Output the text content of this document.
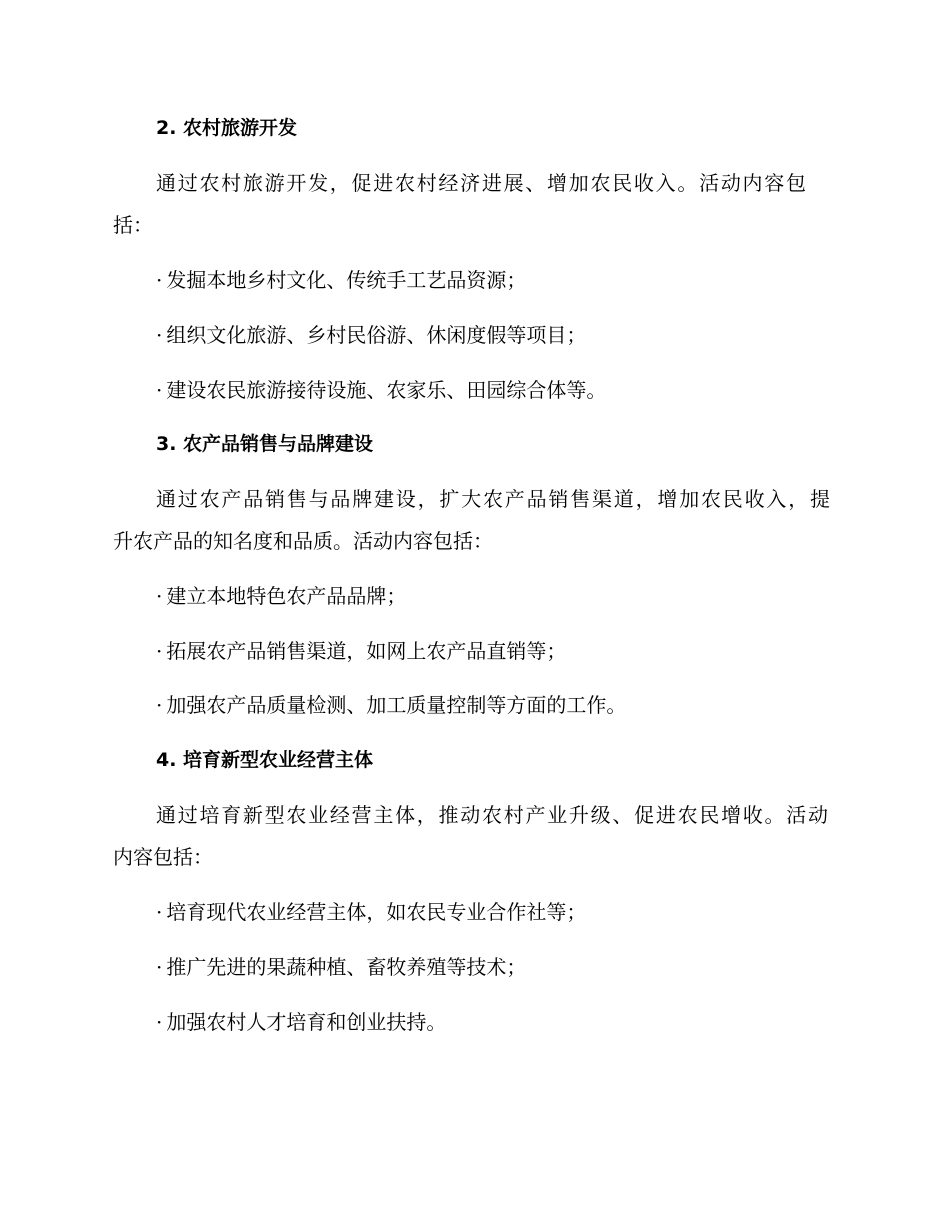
2. 农村旅游开发
通过农村旅游开发，促进农村经济进展、增加农民收入。活动内容包
括：
· 发掘本地乡村文化、传统手工艺品资源；
· 组织文化旅游、乡村民俗游、休闲度假等项目；
· 建设农民旅游接待设施、农家乐、田园综合体等。
3. 农产品销售与品牌建设
通过农产品销售与品牌建设，扩大农产品销售渠道，增加农民收入，提
升农产品的知名度和品质。活动内容包括：
· 建立本地特色农产品品牌；
· 拓展农产品销售渠道，如网上农产品直销等；
· 加强农产品质量检测、加工质量控制等方面的工作。
4. 培育新型农业经营主体
通过培育新型农业经营主体，推动农村产业升级、促进农民增收。活动
内容包括：
· 培育现代农业经营主体，如农民专业合作社等；
· 推广先进的果蔬种植、畜牧养殖等技术；
· 加强农村人才培育和创业扶持。
